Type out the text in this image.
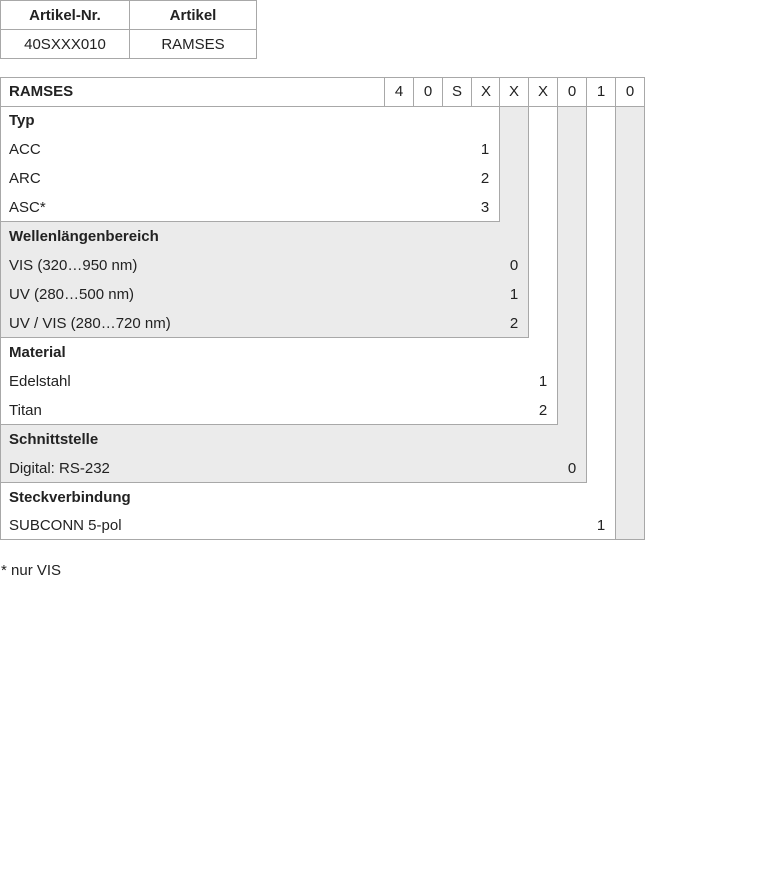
Artikel-Nr.	Artikel
40SXXX010	RAMSES
RAMSES	4	0	S	X	X	X	0	1	0
Typ
ACC	1
ARC	2
ASC*	3
Wellenlängenbereich
VIS (320…950 nm)	0
UV (280…500 nm)	1
UV / VIS (280…720 nm)	2
Material
Edelstahl	1
Titan	2
Schnittstelle
Digital: RS-232	0
Steckverbindung
SUBCONN 5-pol	1
* nur VIS
